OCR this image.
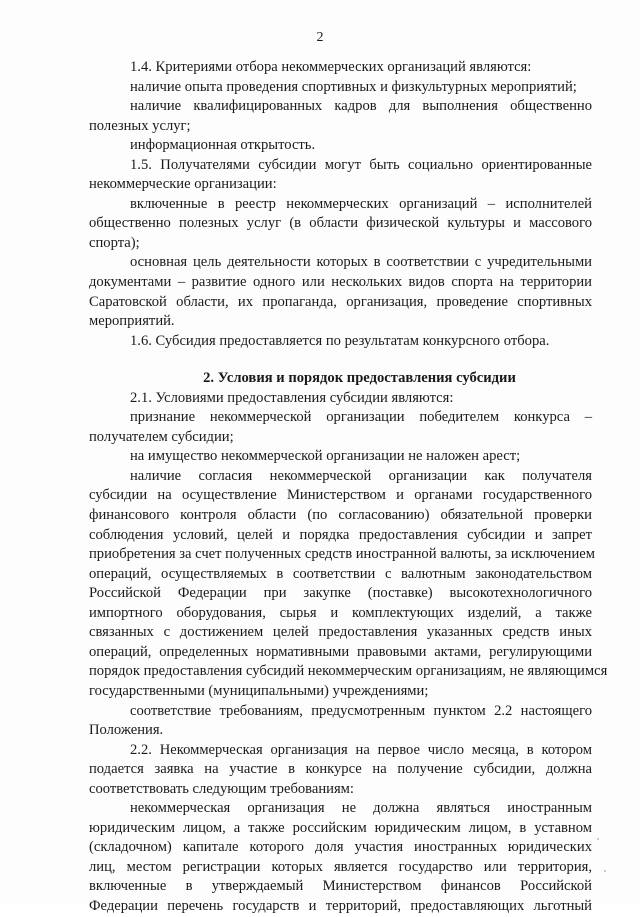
2
1.4. Критериями отбора некоммерческих организаций являются:
наличие опыта проведения спортивных и физкультурных мероприятий;
наличие квалифицированных кадров для выполнения общественно
полезных услуг;
информационная открытость.
1.5. Получателями субсидии могут быть социально ориентированные
некоммерческие организации:
включенные в реестр некоммерческих организаций – исполнителей
общественно полезных услуг (в области физической культуры и массового
спорта);
основная цель деятельности которых в соответствии с учредительными
документами – развитие одного или нескольких видов спорта на территории
Саратовской области, их пропаганда, организация, проведение спортивных
мероприятий.
1.6. Субсидия предоставляется по результатам конкурсного отбора.
2. Условия и порядок предоставления субсидии
2.1. Условиями предоставления субсидии являются:
признание некоммерческой организации победителем конкурса –
получателем субсидии;
на имущество некоммерческой организации не наложен арест;
наличие согласия некоммерческой организации как получателя
субсидии на осуществление Министерством и органами государственного
финансового контроля области (по согласованию) обязательной проверки
соблюдения условий, целей и порядка предоставления субсидии и запрет
приобретения за счет полученных средств иностранной валюты, за исключением
операций, осуществляемых в соответствии с валютным законодательством
Российской Федерации при закупке (поставке) высокотехнологичного
импортного оборудования, сырья и комплектующих изделий, а также
связанных с достижением целей предоставления указанных средств иных
операций, определенных нормативными правовыми актами, регулирующими
порядок предоставления субсидий некоммерческим организациям, не являющимся
государственными (муниципальными) учреждениями;
соответствие требованиям, предусмотренным пунктом 2.2 настоящего
Положения.
2.2. Некоммерческая организация на первое число месяца, в котором
подается заявка на участие в конкурсе на получение субсидии, должна
соответствовать следующим требованиям:
некоммерческая организация не должна являться иностранным
юридическим лицом, а также российским юридическим лицом, в уставном
(складочном) капитале которого доля участия иностранных юридических
лиц, местом регистрации которых является государство или территория,
включенные в утверждаемый Министерством финансов Российской
Федерации перечень государств и территорий, предоставляющих льготный
